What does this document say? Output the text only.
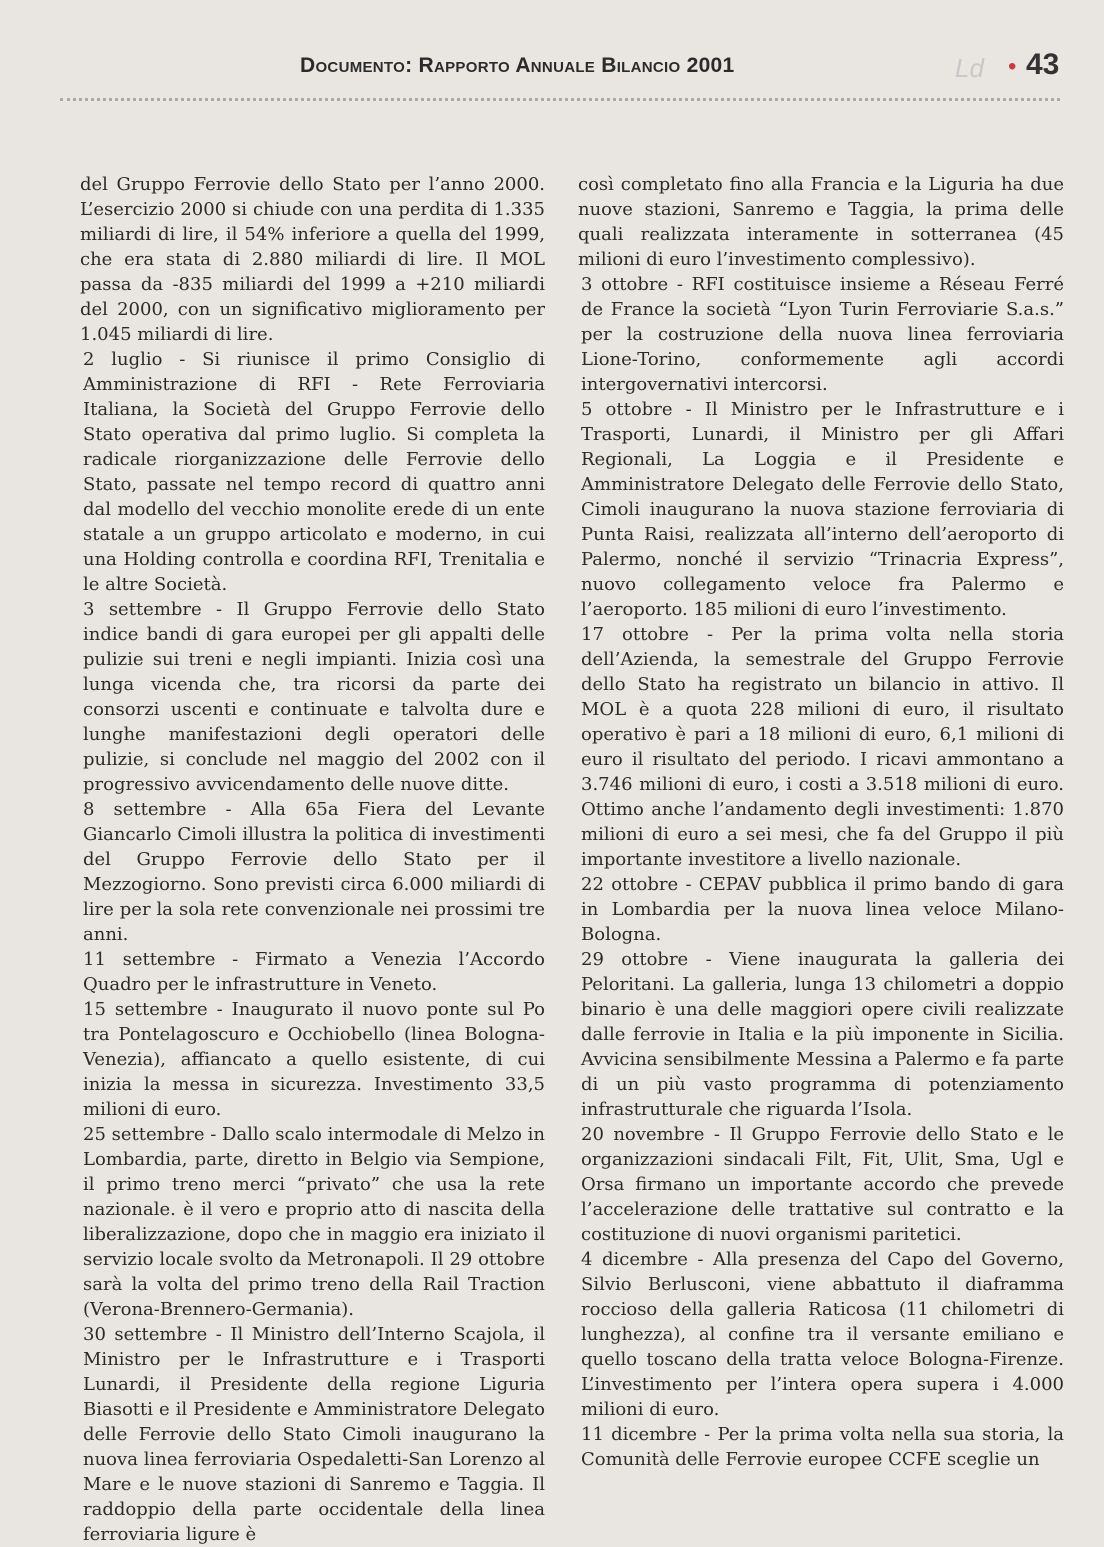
Documento: Rapporto Annuale Bilancio 2001	Ld • 43

del Gruppo Ferrovie dello Stato per l’anno 2000. L’esercizio 2000 si chiude con una perdita di 1.335 miliardi di lire, il 54% inferiore a quella del 1999, che era stata di 2.880 miliardi di lire. Il MOL passa da -835 miliardi del 1999 a +210 miliardi del 2000, con un significativo miglioramento per 1.045 miliardi di lire.

2 luglio - Si riunisce il primo Consiglio di Amministrazione di RFI - Rete Ferroviaria Italiana, la Società del Gruppo Ferrovie dello Stato operativa dal primo luglio. Si completa la radicale riorganizzazione delle Ferrovie dello Stato, passate nel tempo record di quattro anni dal modello del vecchio monolite erede di un ente statale a un gruppo articolato e moderno, in cui una Holding controlla e coordina RFI, Trenitalia e le altre Società.

3 settembre - Il Gruppo Ferrovie dello Stato indice bandi di gara europei per gli appalti delle pulizie sui treni e negli impianti. Inizia così una lunga vicenda che, tra ricorsi da parte dei consorzi uscenti e continuate e talvolta dure e lunghe manifestazioni degli operatori delle pulizie, si conclude nel maggio del 2002 con il progressivo avvicendamento delle nuove ditte.

8 settembre - Alla 65a Fiera del Levante Giancarlo Cimoli illustra la politica di investimenti del Gruppo Ferrovie dello Stato per il Mezzogiorno. Sono previsti circa 6.000 miliardi di lire per la sola rete convenzionale nei prossimi tre anni.

11 settembre - Firmato a Venezia l’Accordo Quadro per le infrastrutture in Veneto.

15 settembre - Inaugurato il nuovo ponte sul Po tra Pontelagoscuro e Occhiobello (linea Bologna-Venezia), affiancato a quello esistente, di cui inizia la messa in sicurezza. Investimento 33,5 milioni di euro.

25 settembre - Dallo scalo intermodale di Melzo in Lombardia, parte, diretto in Belgio via Sempione, il primo treno merci “privato” che usa la rete nazionale. è il vero e proprio atto di nascita della liberalizzazione, dopo che in maggio era iniziato il servizio locale svolto da Metronapoli. Il 29 ottobre sarà la volta del primo treno della Rail Traction (Verona-Brennero-Germania).

30 settembre - Il Ministro dell’Interno Scajola, il Ministro per le Infrastrutture e i Trasporti Lunardi, il Presidente della regione Liguria Biasotti e il Presidente e Amministratore Delegato delle Ferrovie dello Stato Cimoli inaugurano la nuova linea ferroviaria Ospedaletti-San Lorenzo al Mare e le nuove stazioni di Sanremo e Taggia. Il raddoppio della parte occidentale della linea ferroviaria ligure è

così completato fino alla Francia e la Liguria ha due nuove stazioni, Sanremo e Taggia, la prima delle quali realizzata interamente in sotterranea (45 milioni di euro l’investimento complessivo).

3 ottobre - RFI costituisce insieme a Réseau Ferré de France la società “Lyon Turin Ferroviarie S.a.s.” per la costruzione della nuova linea ferroviaria Lione-Torino, conformemente agli accordi intergovernativi intercorsi.

5 ottobre - Il Ministro per le Infrastrutture e i Trasporti, Lunardi, il Ministro per gli Affari Regionali, La Loggia e il Presidente e Amministratore Delegato delle Ferrovie dello Stato, Cimoli inaugurano la nuova stazione ferroviaria di Punta Raisi, realizzata all’interno dell’aeroporto di Palermo, nonché il servizio “Trinacria Express”, nuovo collegamento veloce fra Palermo e l’aeroporto. 185 milioni di euro l’investimento.

17 ottobre - Per la prima volta nella storia dell’Azienda, la semestrale del Gruppo Ferrovie dello Stato ha registrato un bilancio in attivo. Il MOL è a quota 228 milioni di euro, il risultato operativo è pari a 18 milioni di euro, 6,1 milioni di euro il risultato del periodo. I ricavi ammontano a 3.746 milioni di euro, i costi a 3.518 milioni di euro. Ottimo anche l’andamento degli investimenti: 1.870 milioni di euro a sei mesi, che fa del Gruppo il più importante investitore a livello nazionale.

22 ottobre - CEPAV pubblica il primo bando di gara in Lombardia per la nuova linea veloce Milano-Bologna.

29 ottobre - Viene inaugurata la galleria dei Peloritani. La galleria, lunga 13 chilometri a doppio binario è una delle maggiori opere civili realizzate dalle ferrovie in Italia e la più imponente in Sicilia. Avvicina sensibilmente Messina a Palermo e fa parte di un più vasto programma di potenziamento infrastrutturale che riguarda l’Isola.

20 novembre - Il Gruppo Ferrovie dello Stato e le organizzazioni sindacali Filt, Fit, Ulit, Sma, Ugl e Orsa firmano un importante accordo che prevede l’accelerazione delle trattative sul contratto e la costituzione di nuovi organismi paritetici.

4 dicembre - Alla presenza del Capo del Governo, Silvio Berlusconi, viene abbattuto il diaframma roccioso della galleria Raticosa (11 chilometri di lunghezza), al confine tra il versante emiliano e quello toscano della tratta veloce Bologna-Firenze. L’investimento per l’intera opera supera i 4.000 milioni di euro.

11 dicembre - Per la prima volta nella sua storia, la Comunità delle Ferrovie europee CCFE sceglie un
